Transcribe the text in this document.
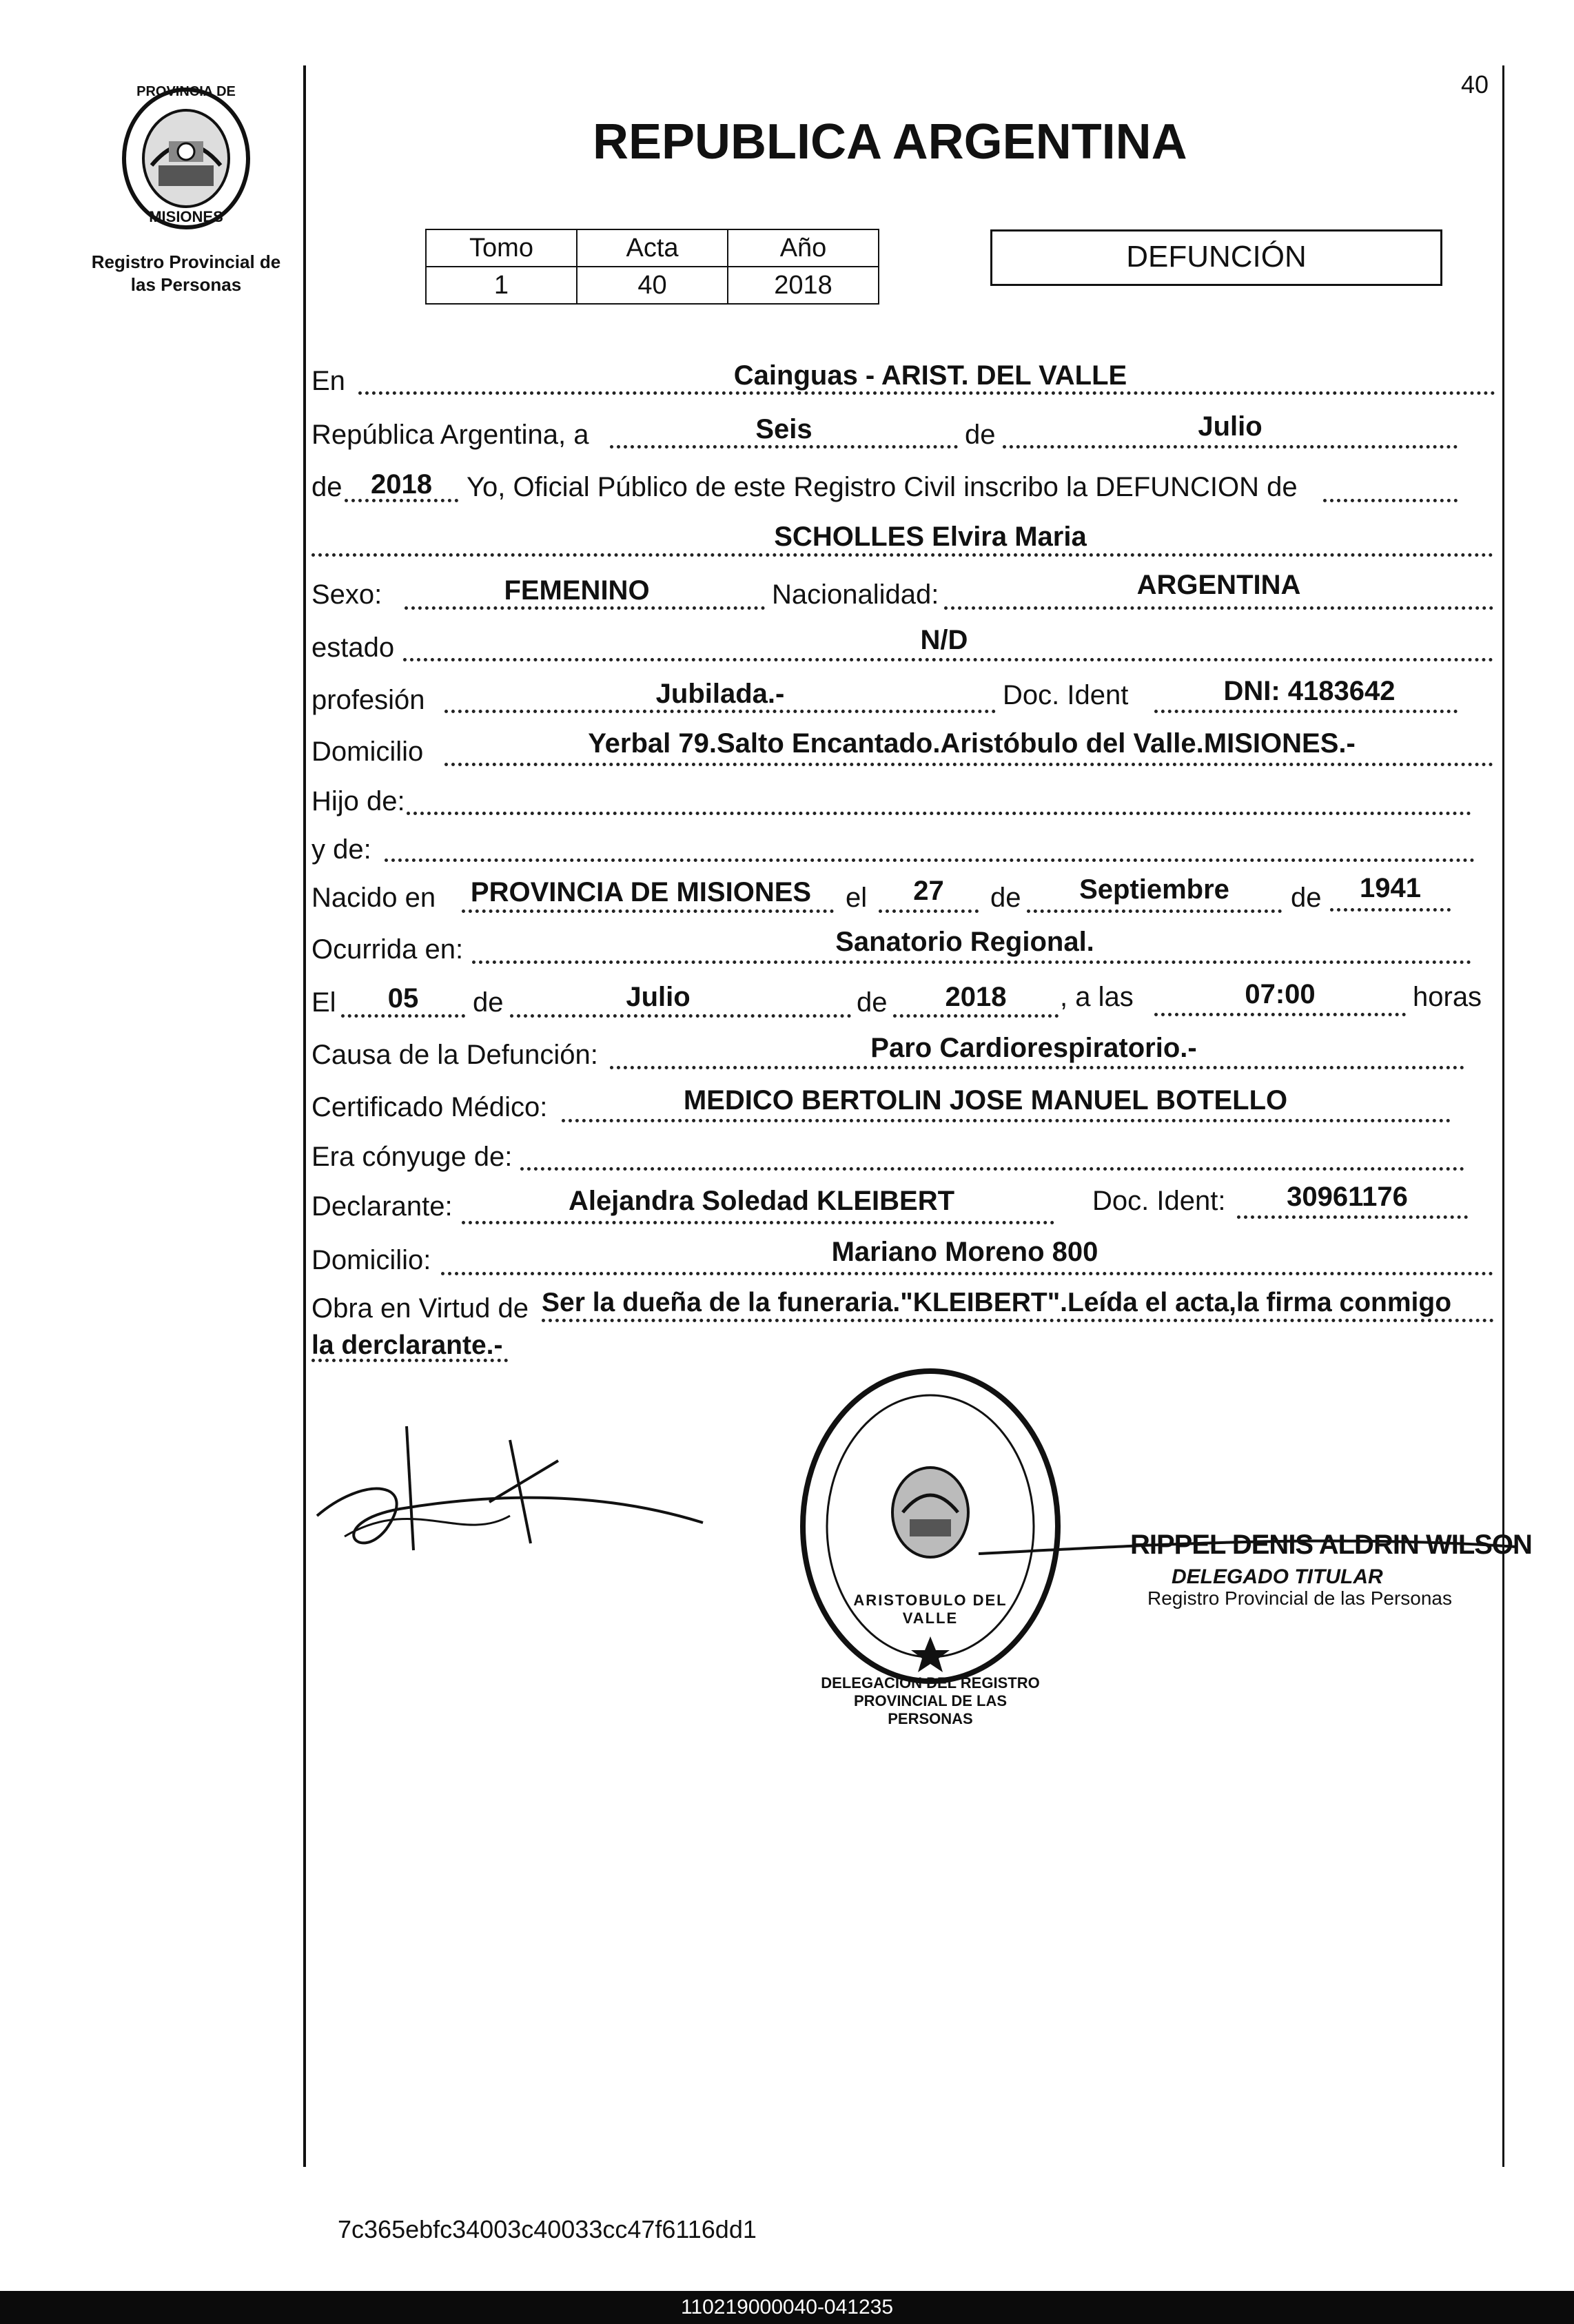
40
PROVINCIA DE
MISIONES
Registro Provincial de
las Personas
REPUBLICA ARGENTINA
Tomo	Acta	Año
1	40	2018
DEFUNCIÓN
En	Cainguas - ARIST. DEL VALLE
República Argentina, a	Seis	de	Julio
de	2018	Yo, Oficial Público de este Registro Civil inscribo la DEFUNCION de
SCHOLLES Elvira Maria
Sexo:	FEMENINO	Nacionalidad:	ARGENTINA
estado	N/D
profesión	Jubilada.-	Doc. Ident	DNI: 4183642
Domicilio	Yerbal 79.Salto Encantado.Aristóbulo del Valle.MISIONES.-
Hijo de:
y de:
Nacido en	PROVINCIA DE MISIONES	el	27	de	Septiembre	de	1941
Ocurrida en:	Sanatorio Regional.
El	05	de	Julio	de	2018	, a las	07:00	horas
Causa de la Defunción:	Paro Cardiorespiratorio.-
Certificado Médico:	MEDICO BERTOLIN JOSE MANUEL BOTELLO
Era cónyuge de:
Declarante:	Alejandra Soledad KLEIBERT	Doc. Ident:	30961176
Domicilio:	Mariano Moreno 800
Obra en Virtud de Ser la dueña de la funeraria."KLEIBERT".Leída el acta,la firma conmigo
la derclarante.-
DELEGACION DEL REGISTRO PROVINCIAL DE LAS PERSONAS
ARISTOBULO DEL VALLE
RIPPEL DENIS ALDRIN WILSON
DELEGADO TITULAR
Registro Provincial de las Personas
7c365ebfc34003c40033cc47f6116dd1
110219000040-041235
